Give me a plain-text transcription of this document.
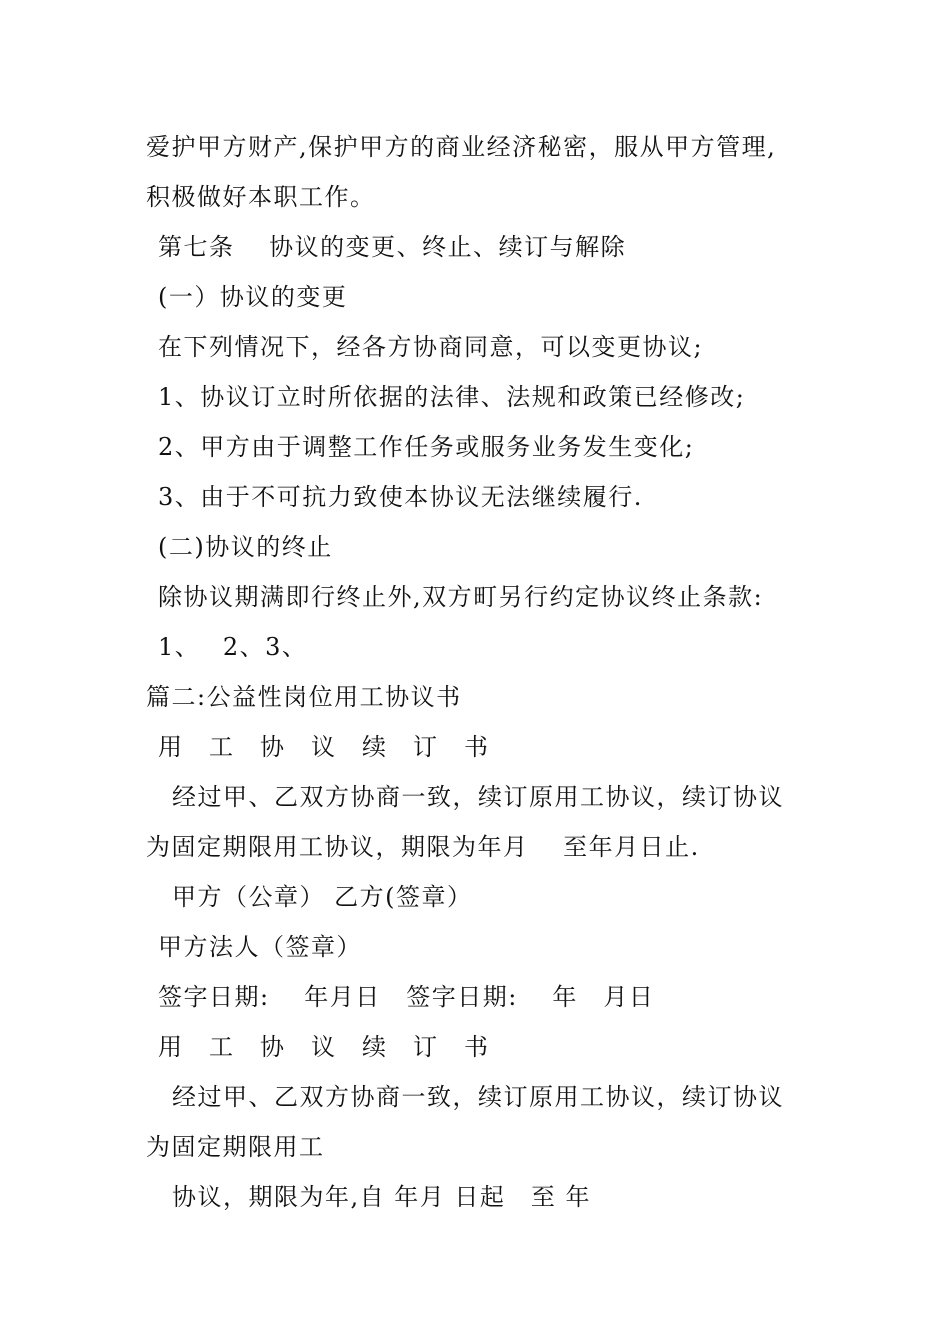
爱护甲方财产,保护甲方的商业经济秘密，服从甲方管理,
积极做好本职工作。
第七条　 协议的变更、终止、续订与解除
(一）协议的变更
在下列情况下，经各方协商同意，可以变更协议;
1、协议订立时所依据的法律、法规和政策已经修改;
2、甲方由于调整工作任务或服务业务发生变化;
3、由于不可抗力致使本协议无法继续履行.
(二)协议的终止
除协议期满即行终止外,双方町另行约定协议终止条款:
1、　 2、3、
篇二:公益性岗位用工协议书
用　工　协　议　续　订　书
经过甲、乙双方协商一致，续订原用工协议，续订协议
为固定期限用工协议，期限为年月　 至年月日止.
甲方（公章） 乙方(签章）
甲方法人（签章）
签字日期:　 年月日　签字日期:　 年　月日
用　工　协　议　续　订　书
经过甲、乙双方协商一致，续订原用工协议，续订协议
为固定期限用工
协议，期限为年,自 年月 日起　至 年
